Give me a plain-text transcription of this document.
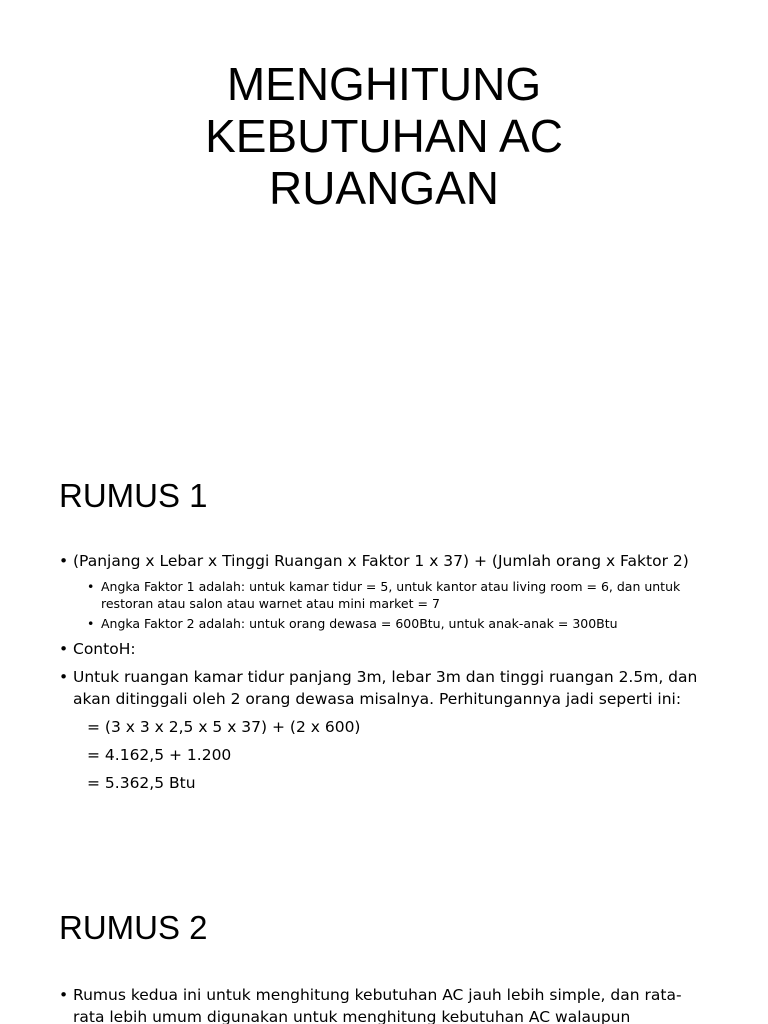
MENGHITUNG
KEBUTUHAN AC
RUANGAN
RUMUS 1
• (Panjang x Lebar x Tinggi Ruangan x Faktor 1 x 37) + (Jumlah orang x Faktor 2)
• Angka Faktor 1 adalah: untuk kamar tidur = 5, untuk kantor atau living room = 6, dan untuk restoran atau salon atau warnet atau mini market = 7
• Angka Faktor 2 adalah: untuk orang dewasa = 600Btu, untuk anak-anak = 300Btu
• ContoH:
• Untuk ruangan kamar tidur panjang 3m, lebar 3m dan tinggi ruangan 2.5m, dan akan ditinggali oleh 2 orang dewasa misalnya. Perhitungannya jadi seperti ini:
= (3 x 3 x 2,5 x 5 x 37) + (2 x 600)
= 4.162,5 + 1.200
= 5.362,5 Btu
RUMUS 2
• Rumus kedua ini untuk menghitung kebutuhan AC jauh lebih simple, dan rata-rata lebih umum digunakan untuk menghitung kebutuhan AC walaupun
